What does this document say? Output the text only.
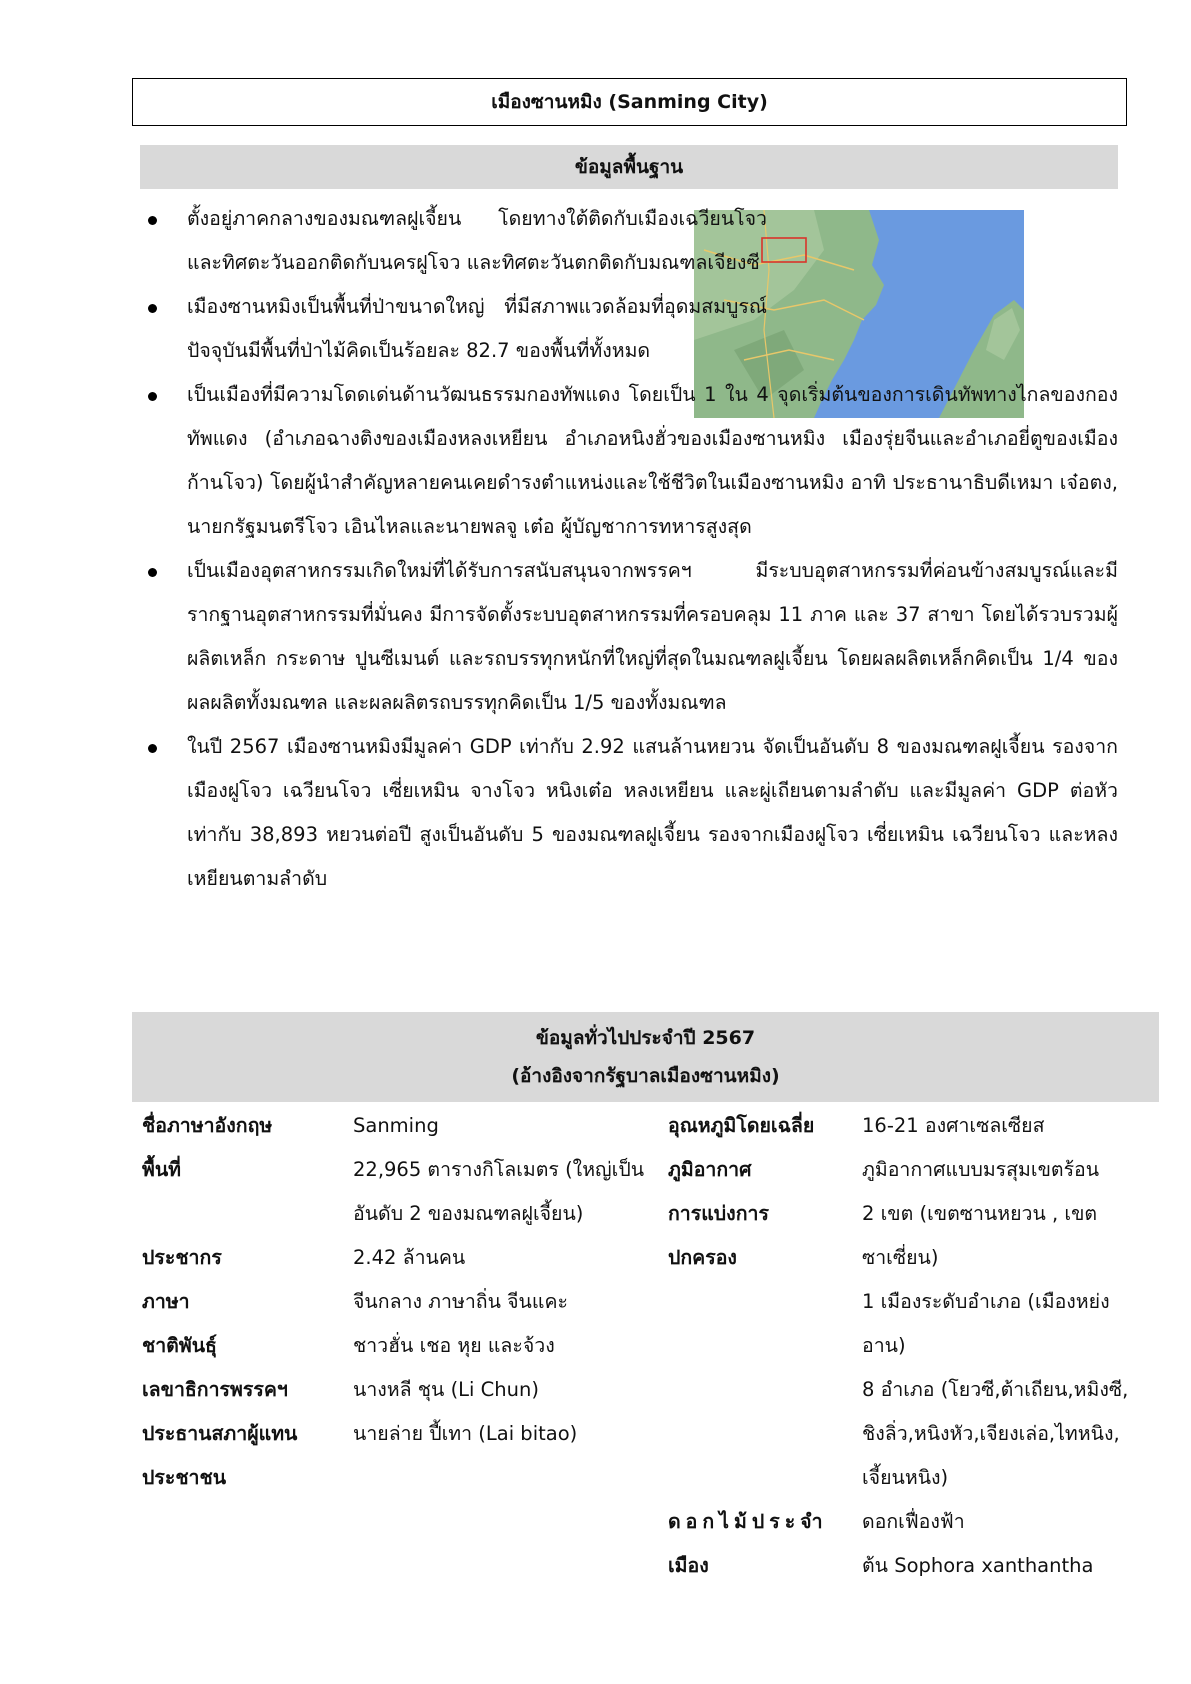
เมืองซานหมิง (Sanming City)
ข้อมูลพื้นฐาน
ตั้งอยู่ภาคกลางของมณฑลฝูเจี้ยน โดยทางใต้ติดกับเมืองเฉวียนโจวและทิศตะวันออกติดกับนครฝูโจว และทิศตะวันตกติดกับมณฑลเจียงซี
เมืองซานหมิงเป็นพื้นที่ป่าขนาดใหญ่ ที่มีสภาพแวดล้อมที่อุดมสมบูรณ์ ปัจจุบันมีพื้นที่ป่าไม้คิดเป็นร้อยละ 82.7 ของพื้นที่ทั้งหมด
เป็นเมืองที่มีความโดดเด่นด้านวัฒนธรรมกองทัพแดง โดยเป็น 1 ใน 4 จุดเริ่มต้นของการเดินทัพทางไกลของกองทัพแดง (อำเภอฉางติงของเมืองหลงเหยียน อำเภอหนิงฮั่วของเมืองซานหมิง เมืองรุ่ยจีนและอำเภอยี่ตูของเมืองก้านโจว) โดยผู้นำสำคัญหลายคนเคยดำรงตำแหน่งและใช้ชีวิตในเมืองซานหมิง อาทิ ประธานาธิบดีเหมา เจ๋อตง, นายกรัฐมนตรีโจว เอินไหลและนายพลจู เต๋อ ผู้บัญชาการทหารสูงสุด
เป็นเมืองอุตสาหกรรมเกิดใหม่ที่ได้รับการสนับสนุนจากพรรคฯ มีระบบอุตสาหกรรมที่ค่อนข้างสมบูรณ์และมีรากฐานอุตสาหกรรมที่มั่นคง มีการจัดตั้งระบบอุตสาหกรรมที่ครอบคลุม 11 ภาค และ 37 สาขา โดยได้รวบรวมผู้ผลิตเหล็ก กระดาษ ปูนซีเมนต์ และรถบรรทุกหนักที่ใหญ่ที่สุดในมณฑลฝูเจี้ยน โดยผลผลิตเหล็กคิดเป็น 1/4 ของผลผลิตทั้งมณฑล และผลผลิตรถบรรทุกคิดเป็น 1/5 ของทั้งมณฑล
ในปี 2567 เมืองซานหมิงมีมูลค่า GDP เท่ากับ 2.92 แสนล้านหยวน จัดเป็นอันดับ 8 ของมณฑลฝูเจี้ยน รองจากเมืองฝูโจว เฉวียนโจว เซี่ยเหมิน จางโจว หนิงเต๋อ หลงเหยียน และผู่เถียนตามลำดับ และมีมูลค่า GDP ต่อหัวเท่ากับ 38,893 หยวนต่อปี สูงเป็นอันดับ 5 ของมณฑลฝูเจี้ยน รองจากเมืองฝูโจว เซี่ยเหมิน เฉวียนโจว และหลงเหยียนตามลำดับ
ข้อมูลทั่วไปประจำปี 2567
(อ้างอิงจากรัฐบาลเมืองซานหมิง)
ชื่อภาษาอังกฤษ
พื้นที่
ประชากร
ภาษา
ชาติพันธุ์
เลขาธิการพรรคฯ
ประธานสภาผู้แทน
ประชาชน
Sanming
22,965 ตารางกิโลเมตร (ใหญ่เป็น
อันดับ 2 ของมณฑลฝูเจี้ยน)
2.42 ล้านคน
จีนกลาง ภาษาถิ่น จีนแคะ
ชาวฮั่น เชอ หุย และจ้วง
นางหลี ชุน (Li Chun)
นายล่าย ปี้เทา (Lai bitao)
อุณหภูมิโดยเฉลี่ย
ภูมิอากาศ
การแบ่งการ
ปกครอง
ดอกไม้ประจำ
เมือง
16-21 องศาเซลเซียส
ภูมิอากาศแบบมรสุมเขตร้อน
2 เขต (เขตซานหยวน , เขต
ซาเซี่ยน)
1 เมืองระดับอำเภอ (เมืองหย่ง
อาน)
8 อำเภอ (โยวซี,ต้าเถียน,หมิงซี,
ชิงลิ่ว,หนิงหัว,เจียงเล่อ,ไทหนิง,
เจี้ยนหนิง)
ดอกเฟื่องฟ้า
ต้น Sophora xanthantha
